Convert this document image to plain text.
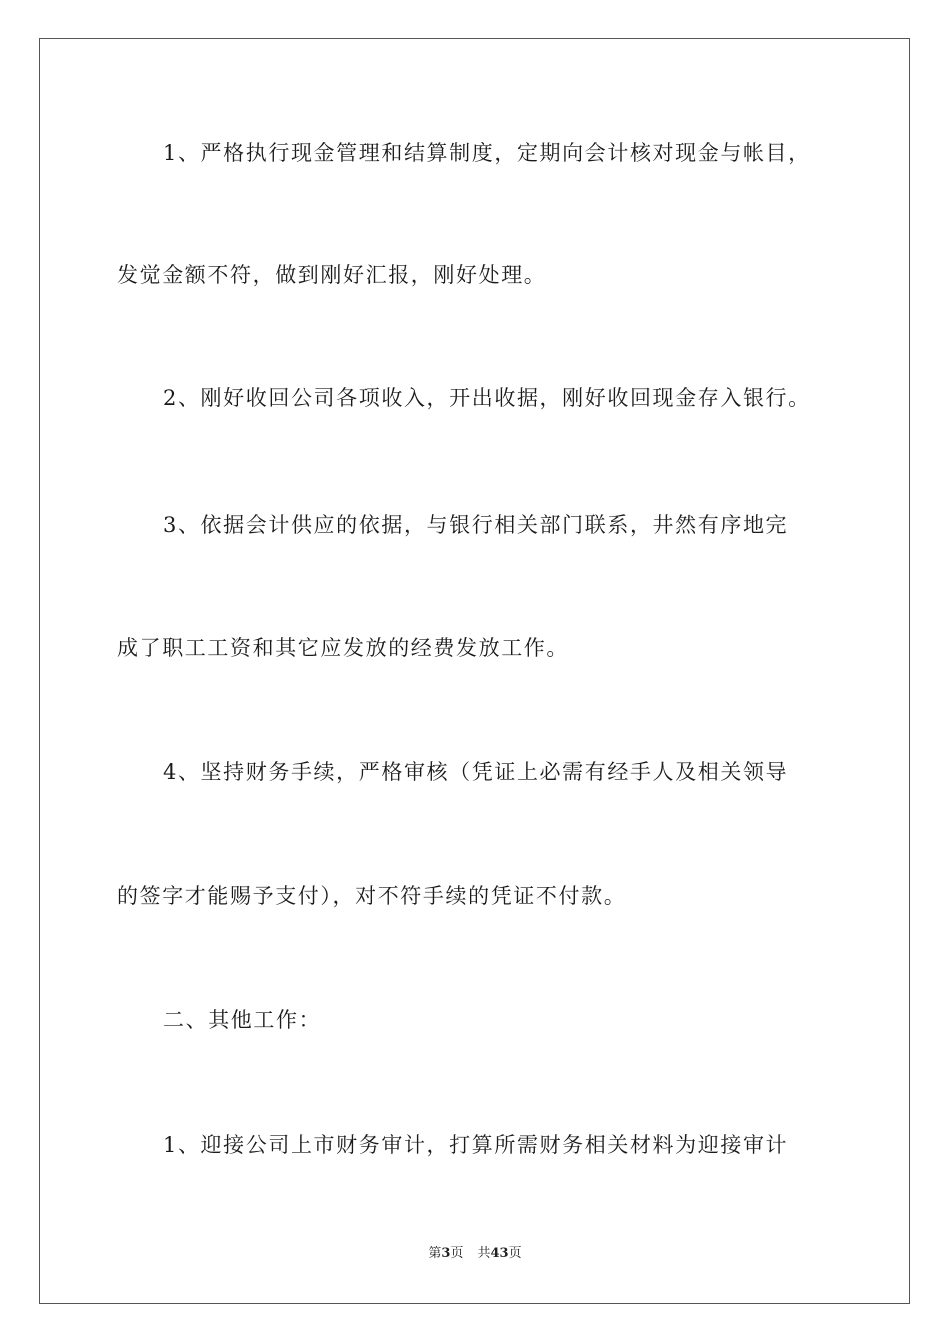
1、严格执行现金管理和结算制度，定期向会计核对现金与帐目，
发觉金额不符，做到刚好汇报，刚好处理。
2、刚好收回公司各项收入，开出收据，刚好收回现金存入银行。
3、依据会计供应的依据，与银行相关部门联系，井然有序地完
成了职工工资和其它应发放的经费发放工作。
4、坚持财务手续，严格审核（凭证上必需有经手人及相关领导
的签字才能赐予支付），对不符手续的凭证不付款。
二、其他工作：
1、迎接公司上市财务审计，打算所需财务相关材料为迎接审计
第3页 共43页
